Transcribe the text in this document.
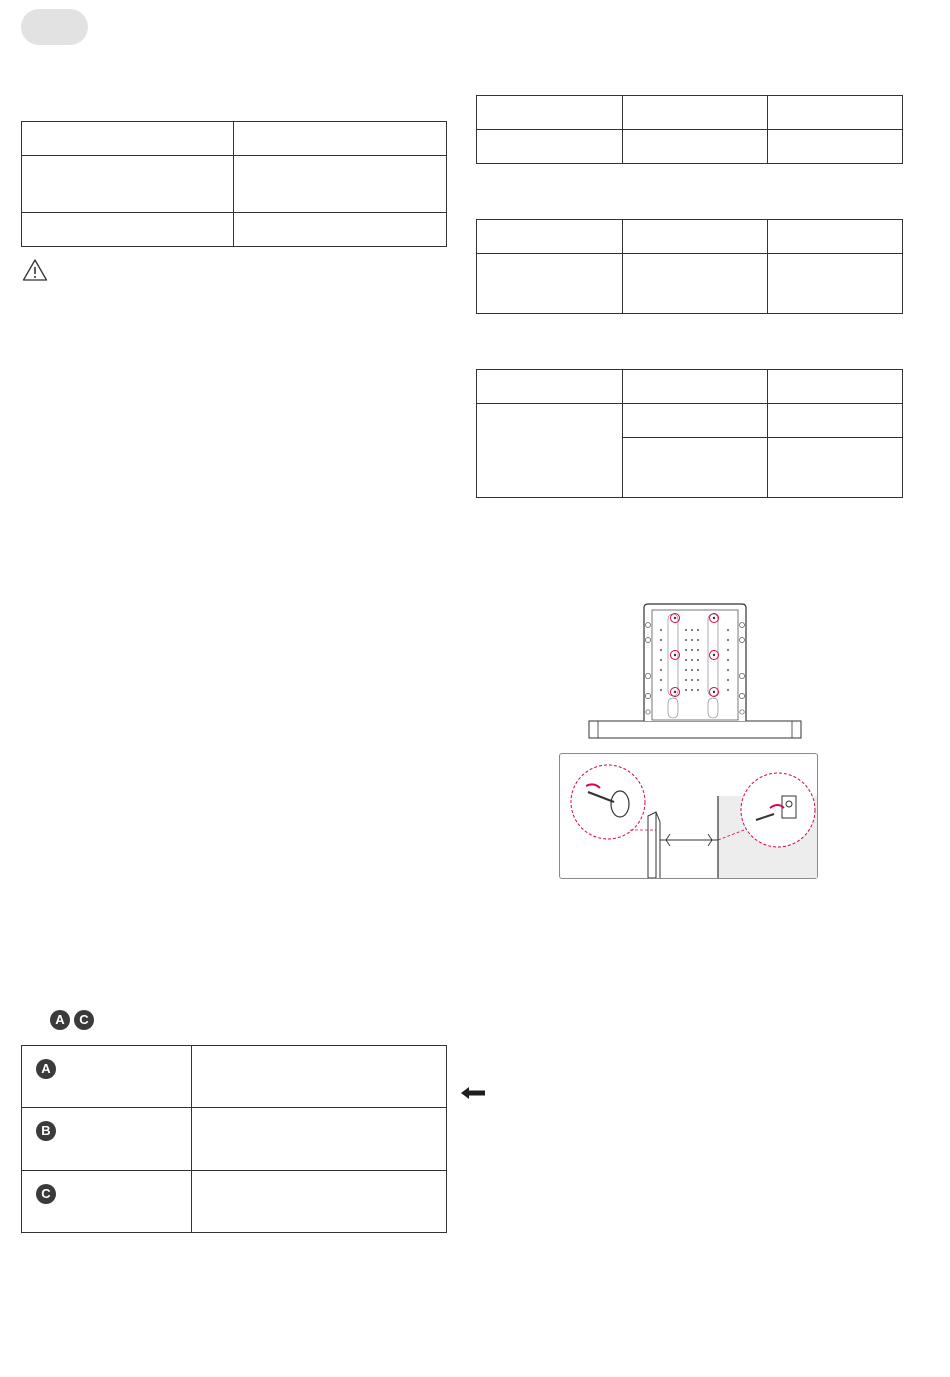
A C
A

B	

C	
